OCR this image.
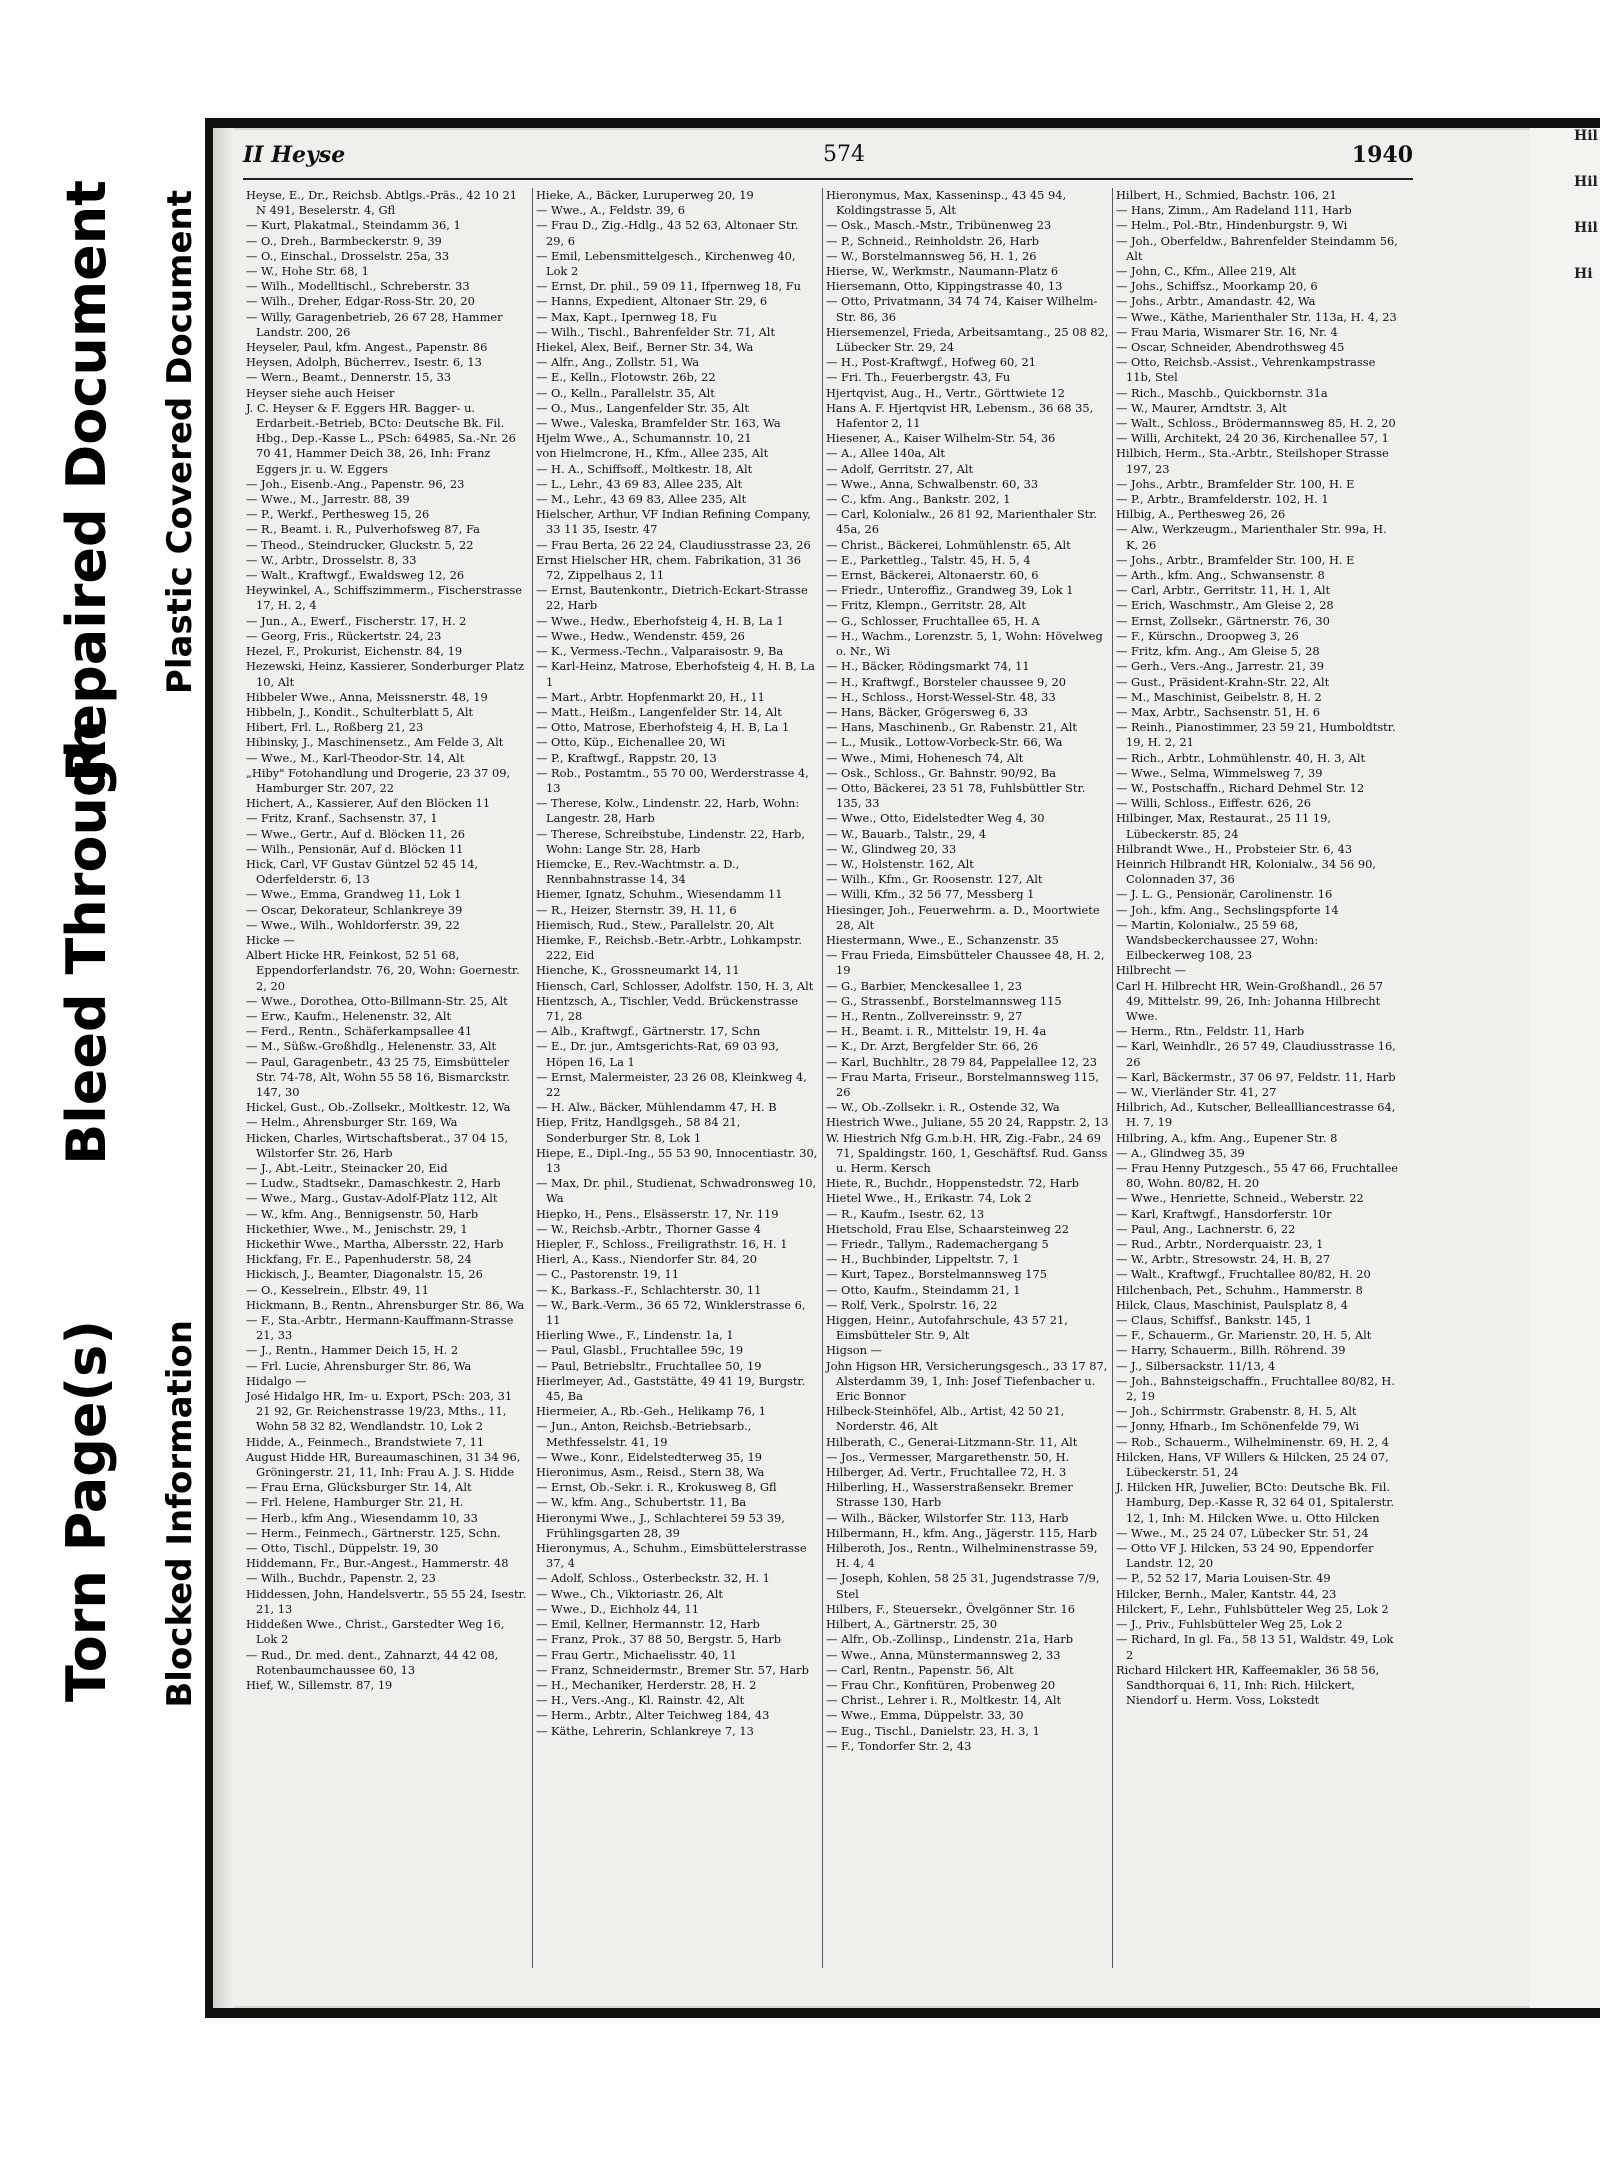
Torn Page(s) Blocked Information
Plastic Covered Document
Bleed Through
Repaired Document
II Heyse	574	1940

Heyse, E., Dr., Reichsb. Abtlgs.-Präs., 42 10 21 N 491, Beselerstr. 4, Gfl

— Kurt, Plakatmal., Steindamm 36, 1

— O., Dreh., Barmbeckerstr. 9, 39

— O., Einschal., Drosselstr. 25a, 33

— W., Hohe Str. 68, 1

— Wilh., Modelltischl., Schreberstr. 33

— Wilh., Dreher, Edgar-Ross-Str. 20, 20

— Willy, Garagenbetrieb, 26 67 28, Hammer Landstr. 200, 26

Heyseler, Paul, kfm. Angest., Papenstr. 86

Heysen, Adolph, Bücherrev., Isestr. 6, 13

— Wern., Beamt., Dennerstr. 15, 33

Heyser siehe auch Heiser

J. C. Heyser & F. Eggers HR. Bagger- u. Erdarbeit.-Betrieb, BCto: Deutsche Bk. Fil. Hbg., Dep.-Kasse L., PSch: 64985, Sa.-Nr. 26 70 41, Hammer Deich 38, 26, Inh: Franz Eggers jr. u. W. Eggers

— Joh., Eisenb.-Ang., Papenstr. 96, 23

— Wwe., M., Jarrestr. 88, 39

— P., Werkf., Perthesweg 15, 26

— R., Beamt. i. R., Pulverhofsweg 87, Fa

— Theod., Steindrucker, Gluckstr. 5, 22

— W., Arbtr., Drosselstr. 8, 33

— Walt., Kraftwgf., Ewaldsweg 12, 26

Heywinkel, A., Schiffszimmerm., Fischerstrasse 17, H. 2, 4

— Jun., A., Ewerf., Fischerstr. 17, H. 2

— Georg, Fris., Rückertstr. 24, 23

Hezel, F., Prokurist, Eichenstr. 84, 19

Hezewski, Heinz, Kassierer, Sonderburger Platz 10, Alt

Hibbeler Wwe., Anna, Meissnerstr. 48, 19

Hibbeln, J., Kondit., Schulterblatt 5, Alt

Hibert, Frl. L., Roßberg 21, 23

Hibinsky, J., Maschinensetz., Am Felde 3, Alt

— Wwe., M., Karl-Theodor-Str. 14, Alt

„Hiby" Fotohandlung und Drogerie, 23 37 09, Hamburger Str. 207, 22

Hichert, A., Kassierer, Auf den Blöcken 11

— Fritz, Kranf., Sachsenstr. 37, 1

— Wwe., Gertr., Auf d. Blöcken 11, 26

— Wilh., Pensionär, Auf d. Blöcken 11

Hick, Carl, VF Gustav Güntzel 52 45 14, Oderfelderstr. 6, 13

— Wwe., Emma, Grandweg 11, Lok 1

— Oscar, Dekorateur, Schlankreye 39

— Wwe., Wilh., Wohldorferstr. 39, 22

Hicke —

Albert Hicke HR, Feinkost, 52 51 68, Eppendorferlandstr. 76, 20, Wohn: Goernestr. 2, 20

— Wwe., Dorothea, Otto-Billmann-Str. 25, Alt

— Erw., Kaufm., Helenenstr. 32, Alt

— Ferd., Rentn., Schäferkampsallee 41

— M., Süßw.-Großhdlg., Helenenstr. 33, Alt

— Paul, Garagenbetr., 43 25 75, Eimsbütteler Str. 74-78, Alt, Wohn 55 58 16, Bismarckstr. 147, 30

Hickel, Gust., Ob.-Zollsekr., Moltkestr. 12, Wa

— Helm., Ahrensburger Str. 169, Wa

Hicken, Charles, Wirtschaftsberat., 37 04 15, Wilstorfer Str. 26, Harb

— J., Abt.-Leitr., Steinacker 20, Eid

— Ludw., Stadtsekr., Damaschkestr. 2, Harb

— Wwe., Marg., Gustav-Adolf-Platz 112, Alt

— W., kfm. Ang., Bennigsenstr. 50, Harb

Hickethier, Wwe., M., Jenischstr. 29, 1

Hickethir Wwe., Martha, Albersstr. 22, Harb

Hickfang, Fr. E., Papenhuderstr. 58, 24

Hickisch, J., Beamter, Diagonalstr. 15, 26

— O., Kesselrein., Elbstr. 49, 11

Hickmann, B., Rentn., Ahrensburger Str. 86, Wa

— F., Sta.-Arbtr., Hermann-Kauffmann-Strasse 21, 33

— J., Rentn., Hammer Deich 15, H. 2

— Frl. Lucie, Ahrensburger Str. 86, Wa

Hidalgo —

José Hidalgo HR, Im- u. Export, PSch: 203, 31 21 92, Gr. Reichenstrasse 19/23, Mths., 11, Wohn 58 32 82, Wendlandstr. 10, Lok 2

Hidde, A., Feinmech., Brandstwiete 7, 11

August Hidde HR, Bureaumaschinen, 31 34 96, Gröningerstr. 21, 11, Inh: Frau A. J. S. Hidde

— Frau Erna, Glücksburger Str. 14, Alt

— Frl. Helene, Hamburger Str. 21, H.

— Herb., kfm Ang., Wiesendamm 10, 33

— Herm., Feinmech., Gärtnerstr. 125, Schn.

— Otto, Tischl., Düppelstr. 19, 30

Hiddemann, Fr., Bur.-Angest., Hammerstr. 48

— Wilh., Buchdr., Papenstr. 2, 23

Hiddessen, John, Handelsvertr., 55 55 24, Isestr. 21, 13

Hiddeßen Wwe., Christ., Garstedter Weg 16, Lok 2

— Rud., Dr. med. dent., Zahnarzt, 44 42 08, Rotenbaumchaussee 60, 13

Hief, W., Sillemstr. 87, 19

Hieke, A., Bäcker, Luruperweg 20, 19

— Wwe., A., Feldstr. 39, 6

— Frau D., Zig.-Hdlg., 43 52 63, Altonaer Str. 29, 6

— Emil, Lebensmittelgesch., Kirchenweg 40, Lok 2

— Ernst, Dr. phil., 59 09 11, Ifpernweg 18, Fu

— Hanns, Expedient, Altonaer Str. 29, 6

— Max, Kapt., Ipernweg 18, Fu

— Wilh., Tischl., Bahrenfelder Str. 71, Alt

Hiekel, Alex, Beif., Berner Str. 34, Wa

— Alfr., Ang., Zollstr. 51, Wa

— E., Kelln., Flotowstr. 26b, 22

— O., Kelln., Parallelstr. 35, Alt

— O., Mus., Langenfelder Str. 35, Alt

— Wwe., Valeska, Bramfelder Str. 163, Wa

Hjelm Wwe., A., Schumannstr. 10, 21

von Hielmcrone, H., Kfm., Allee 235, Alt

— H. A., Schiffsoff., Moltkestr. 18, Alt

— L., Lehr., 43 69 83, Allee 235, Alt

— M., Lehr., 43 69 83, Allee 235, Alt

Hielscher, Arthur, VF Indian Refining Company, 33 11 35, Isestr. 47

— Frau Berta, 26 22 24, Claudiusstrasse 23, 26

Ernst Hielscher HR, chem. Fabrikation, 31 36 72, Zippelhaus 2, 11

— Ernst, Bautenkontr., Dietrich-Eckart-Strasse 22, Harb

— Wwe., Hedw., Eberhofsteig 4, H. B, La 1

— Wwe., Hedw., Wendenstr. 459, 26

— K., Vermess.-Techn., Valparaisostr. 9, Ba

— Karl-Heinz, Matrose, Eberhofsteig 4, H. B, La 1

— Mart., Arbtr. Hopfenmarkt 20, H., 11

— Matt., Heißm., Langenfelder Str. 14, Alt

— Otto, Matrose, Eberhofsteig 4, H. B, La 1

— Otto, Küp., Eichenallee 20, Wi

— P., Kraftwgf., Rappstr. 20, 13

— Rob., Postamtm., 55 70 00, Werderstrasse 4, 13

— Therese, Kolw., Lindenstr. 22, Harb, Wohn: Langestr. 28, Harb

— Therese, Schreibstube, Lindenstr. 22, Harb, Wohn: Lange Str. 28, Harb

Hiemcke, E., Rev.-Wachtmstr. a. D., Rennbahnstrasse 14, 34

Hiemer, Ignatz, Schuhm., Wiesendamm 11

— R., Heizer, Sternstr. 39, H. 11, 6

Hiemisch, Rud., Stew., Parallelstr. 20, Alt

Hiemke, F., Reichsb.-Betr.-Arbtr., Lohkampstr. 222, Eid

Hienche, K., Grossneumarkt 14, 11

Hiensch, Carl, Schlosser, Adolfstr. 150, H. 3, Alt

Hientzsch, A., Tischler, Vedd. Brückenstrasse 71, 28

— Alb., Kraftwgf., Gärtnerstr. 17, Schn

— E., Dr. jur., Amtsgerichts-Rat, 69 03 93, Höpen 16, La 1

— Ernst, Malermeister, 23 26 08, Kleinkweg 4, 22

— H. Alw., Bäcker, Mühlendamm 47, H. B

Hiep, Fritz, Handlgsgeh., 58 84 21, Sonderburger Str. 8, Lok 1

Hiepe, E., Dipl.-Ing., 55 53 90, Innocentiastr. 30, 13

— Max, Dr. phil., Studienat, Schwadronsweg 10, Wa

Hiepko, H., Pens., Elsässerstr. 17, Nr. 119

— W., Reichsb.-Arbtr., Thorner Gasse 4

Hiepler, F., Schloss., Freiligrathstr. 16, H. 1

Hierl, A., Kass., Niendorfer Str. 84, 20

— C., Pastorenstr. 19, 11

— K., Barkass.-F., Schlachterstr. 30, 11

— W., Bark.-Verm., 36 65 72, Winklerstrasse 6, 11

Hierling Wwe., F., Lindenstr. 1a, 1

— Paul, Glasbl., Fruchtallee 59c, 19

— Paul, Betriebsltr., Fruchtallee 50, 19

Hierlmeyer, Ad., Gaststätte, 49 41 19, Burgstr. 45, Ba

Hiermeier, A., Rb.-Geh., Helikamp 76, 1

— Jun., Anton, Reichsb.-Betriebsarb., Methfesselstr. 41, 19

— Wwe., Konr., Eidelstedterweg 35, 19

Hieronimus, Asm., Reisd., Stern 38, Wa

— Ernst, Ob.-Sekr. i. R., Krokusweg 8, Gfl

— W., kfm. Ang., Schubertstr. 11, Ba

Hieronymi Wwe., J., Schlachterei 59 53 39, Frühlingsgarten 28, 39

Hieronymus, A., Schuhm., Eimsbüttelerstrasse 37, 4

— Adolf, Schloss., Osterbeckstr. 32, H. 1

— Wwe., Ch., Viktoriastr. 26, Alt

— Wwe., D., Eichholz 44, 11

— Emil, Kellner, Hermannstr. 12, Harb

— Franz, Prok., 37 88 50, Bergstr. 5, Harb

— Frau Gertr., Michaelisstr. 40, 11

— Franz, Schneidermstr., Bremer Str. 57, Harb

— H., Mechaniker, Herderstr. 28, H. 2

— H., Vers.-Ang., Kl. Rainstr. 42, Alt

— Herm., Arbtr., Alter Teichweg 184, 43

— Käthe, Lehrerin, Schlankreye 7, 13

Hieronymus, Max, Kasseninsp., 43 45 94, Koldingstrasse 5, Alt

— Osk., Masch.-Mstr., Tribünenweg 23

— P., Schneid., Reinholdstr. 26, Harb

— W., Borstelmannsweg 56, H. 1, 26

Hierse, W., Werkmstr., Naumann-Platz 6

Hiersemann, Otto, Kippingstrasse 40, 13

— Otto, Privatmann, 34 74 74, Kaiser Wilhelm-Str. 86, 36

Hiersemenzel, Frieda, Arbeitsamtang., 25 08 82, Lübecker Str. 29, 24

— H., Post-Kraftwgf., Hofweg 60, 21

— Fri. Th., Feuerbergstr. 43, Fu

Hjertqvist, Aug., H., Vertr., Görttwiete 12

Hans A. F. Hjertqvist HR, Lebensm., 36 68 35, Hafentor 2, 11

Hiesener, A., Kaiser Wilhelm-Str. 54, 36

— A., Allee 140a, Alt

— Adolf, Gerritstr. 27, Alt

— Wwe., Anna, Schwalbenstr. 60, 33

— C., kfm. Ang., Bankstr. 202, 1

— Carl, Kolonialw., 26 81 92, Marienthaler Str. 45a, 26

— Christ., Bäckerei, Lohmühlenstr. 65, Alt

— E., Parkettleg., Talstr. 45, H. 5, 4

— Ernst, Bäckerei, Altonaerstr. 60, 6

— Friedr., Unteroffiz., Grandweg 39, Lok 1

— Fritz, Klempn., Gerritstr. 28, Alt

— G., Schlosser, Fruchtallee 65, H. A

— H., Wachm., Lorenzstr. 5, 1, Wohn: Hövelweg o. Nr., Wi

— H., Bäcker, Rödingsmarkt 74, 11

— H., Kraftwgf., Borsteler chaussee 9, 20

— H., Schloss., Horst-Wessel-Str. 48, 33

— Hans, Bäcker, Grögersweg 6, 33

— Hans, Maschinenb., Gr. Rabenstr. 21, Alt

— L., Musik., Lottow-Vorbeck-Str. 66, Wa

— Wwe., Mimi, Hohenesch 74, Alt

— Osk., Schloss., Gr. Bahnstr. 90/92, Ba

— Otto, Bäckerei, 23 51 78, Fuhlsbüttler Str. 135, 33

— Wwe., Otto, Eidelstedter Weg 4, 30

— W., Bauarb., Talstr., 29, 4

— W., Glindweg 20, 33

— W., Holstenstr. 162, Alt

— Wilh., Kfm., Gr. Roosenstr. 127, Alt

— Willi, Kfm., 32 56 77, Messberg 1

Hiesinger, Joh., Feuerwehrm. a. D., Moortwiete 28, Alt

Hiestermann, Wwe., E., Schanzenstr. 35

— Frau Frieda, Eimsbütteler Chaussee 48, H. 2, 19

— G., Barbier, Menckesallee 1, 23

— G., Strassenbf., Borstelmannsweg 115

— H., Rentn., Zollvereinsstr. 9, 27

— H., Beamt. i. R., Mittelstr. 19, H. 4a

— K., Dr. Arzt, Bergfelder Str. 66, 26

— Karl, Buchhltr., 28 79 84, Pappelallee 12, 23

— Frau Marta, Friseur., Borstelmannsweg 115, 26

— W., Ob.-Zollsekr. i. R., Ostende 32, Wa

Hiestrich Wwe., Juliane, 55 20 24, Rappstr. 2, 13

W. Hiestrich Nfg G.m.b.H. HR, Zig.-Fabr., 24 69 71, Spaldingstr. 160, 1, Geschäftsf. Rud. Ganss u. Herm. Kersch

Hiete, R., Buchdr., Hoppenstedstr. 72, Harb

Hietel Wwe., H., Erikastr. 74, Lok 2

— R., Kaufm., Isestr. 62, 13

Hietschold, Frau Else, Schaarsteinweg 22

— Friedr., Tallym., Rademachergang 5

— H., Buchbinder, Lippeltstr. 7, 1

— Kurt, Tapez., Borstelmannsweg 175

— Otto, Kaufm., Steindamm 21, 1

— Rolf, Verk., Spolrstr. 16, 22

Higgen, Heinr., Autofahrschule, 43 57 21, Eimsbütteler Str. 9, Alt

Higson —

John Higson HR, Versicherungsgesch., 33 17 87, Alsterdamm 39, 1, Inh: Josef Tiefenbacher u. Eric Bonnor

Hilbeck-Steinhöfel, Alb., Artist, 42 50 21, Norderstr. 46, Alt

Hilberath, C., Generai-Litzmann-Str. 11, Alt

— Jos., Vermesser, Margarethenstr. 50, H.

Hilberger, Ad. Vertr., Fruchtallee 72, H. 3

Hilberling, H., Wasserstraßensekr. Bremer Strasse 130, Harb

— Wilh., Bäcker, Wilstorfer Str. 113, Harb

Hilbermann, H., kfm. Ang., Jägerstr. 115, Harb

Hilberoth, Jos., Rentn., Wilhelminenstrasse 59, H. 4, 4

— Joseph, Kohlen, 58 25 31, Jugendstrasse 7/9, Stel

Hilbers, F., Steuersekr., Övelgönner Str. 16

Hilbert, A., Gärtnerstr. 25, 30

— Alfr., Ob.-Zollinsp., Lindenstr. 21a, Harb

— Wwe., Anna, Münstermannsweg 2, 33

— Carl, Rentn., Papenstr. 56, Alt

— Frau Chr., Konfitüren, Probenweg 20

— Christ., Lehrer i. R., Moltkestr. 14, Alt

— Wwe., Emma, Düppelstr. 33, 30

— Eug., Tischl., Danielstr. 23, H. 3, 1

— F., Tondorfer Str. 2, 43

Hilbert, H., Schmied, Bachstr. 106, 21

— Hans, Zimm., Am Radeland 111, Harb

— Helm., Pol.-Btr., Hindenburgstr. 9, Wi

— Joh., Oberfeldw., Bahrenfelder Steindamm 56, Alt

— John, C., Kfm., Allee 219, Alt

— Johs., Schiffsz., Moorkamp 20, 6

— Johs., Arbtr., Amandastr. 42, Wa

— Wwe., Käthe, Marienthaler Str. 113a, H. 4, 23

— Frau Maria, Wismarer Str. 16, Nr. 4

— Oscar, Schneider, Abendrothsweg 45

— Otto, Reichsb.-Assist., Vehrenkampstrasse 11b, Stel

— Rich., Maschb., Quickbornstr. 31a

— W., Maurer, Arndtstr. 3, Alt

— Walt., Schloss., Brödermannsweg 85, H. 2, 20

— Willi, Architekt, 24 20 36, Kirchenallee 57, 1

Hilbich, Herm., Sta.-Arbtr., Steilshoper Strasse 197, 23

— Johs., Arbtr., Bramfelder Str. 100, H. E

— P., Arbtr., Bramfelderstr. 102, H. 1

Hilbig, A., Perthesweg 26, 26

— Alw., Werkzeugm., Marienthaler Str. 99a, H. K, 26

— Johs., Arbtr., Bramfelder Str. 100, H. E

— Arth., kfm. Ang., Schwansenstr. 8

— Carl, Arbtr., Gerritstr. 11, H. 1, Alt

— Erich, Waschmstr., Am Gleise 2, 28

— Ernst, Zollsekr., Gärtnerstr. 76, 30

— F., Kürschn., Droopweg 3, 26

— Fritz, kfm. Ang., Am Gleise 5, 28

— Gerh., Vers.-Ang., Jarrestr. 21, 39

— Gust., Präsident-Krahn-Str. 22, Alt

— M., Maschinist, Geibelstr. 8, H. 2

— Max, Arbtr., Sachsenstr. 51, H. 6

— Reinh., Pianostimmer, 23 59 21, Humboldtstr. 19, H. 2, 21

— Rich., Arbtr., Lohmühlenstr. 40, H. 3, Alt

— Wwe., Selma, Wimmelsweg 7, 39

— W., Postschaffn., Richard Dehmel Str. 12

— Willi, Schloss., Eiffestr. 626, 26

Hilbinger, Max, Restaurat., 25 11 19, Lübeckerstr. 85, 24

Hilbrandt Wwe., H., Probsteier Str. 6, 43

Heinrich Hilbrandt HR, Kolonialw., 34 56 90, Colonnaden 37, 36

— J. L. G., Pensionär, Carolinenstr. 16

— Joh., kfm. Ang., Sechslingspforte 14

— Martin, Kolonialw., 25 59 68, Wandsbeckerchaussee 27, Wohn: Eilbeckerweg 108, 23

Hilbrecht —

Carl H. Hilbrecht HR, Wein-Großhandl., 26 57 49, Mittelstr. 99, 26, Inh: Johanna Hilbrecht Wwe.

— Herm., Rtn., Feldstr. 11, Harb

— Karl, Weinhdlr., 26 57 49, Claudiusstrasse 16, 26

— Karl, Bäckermstr., 37 06 97, Feldstr. 11, Harb

— W., Vierländer Str. 41, 27

Hilbrich, Ad., Kutscher, Belleallliancestrasse 64, H. 7, 19

Hilbring, A., kfm. Ang., Eupener Str. 8

— A., Glindweg 35, 39

— Frau Henny Putzgesch., 55 47 66, Fruchtallee 80, Wohn. 80/82, H. 20

— Wwe., Henriette, Schneid., Weberstr. 22

— Karl, Kraftwgf., Hansdorferstr. 10r

— Paul, Ang., Lachnerstr. 6, 22

— Rud., Arbtr., Norderquaistr. 23, 1

— W., Arbtr., Stresowstr. 24, H. B, 27

— Walt., Kraftwgf., Fruchtallee 80/82, H. 20

Hilchenbach, Pet., Schuhm., Hammerstr. 8

Hilck, Claus, Maschinist, Paulsplatz 8, 4

— Claus, Schiffsf., Bankstr. 145, 1

— F., Schauerm., Gr. Marienstr. 20, H. 5, Alt

— Harry, Schauerm., Billh. Röhrend. 39

— J., Silbersackstr. 11/13, 4

— Joh., Bahnsteigschaffn., Fruchtallee 80/82, H. 2, 19

— Joh., Schirrmstr. Grabenstr. 8, H. 5, Alt

— Jonny, Hfnarb., Im Schönenfelde 79, Wi

— Rob., Schauerm., Wilhelminenstr. 69, H. 2, 4

Hilcken, Hans, VF Willers & Hilcken, 25 24 07, Lübeckerstr. 51, 24

J. Hilcken HR, Juwelier, BCto: Deutsche Bk. Fil. Hamburg, Dep.-Kasse R, 32 64 01, Spitalerstr. 12, 1, Inh: M. Hilcken Wwe. u. Otto Hilcken

— Wwe., M., 25 24 07, Lübecker Str. 51, 24

— Otto VF J. Hilcken, 53 24 90, Eppendorfer Landstr. 12, 20

— P., 52 52 17, Maria Louisen-Str. 49

Hilcker, Bernh., Maler, Kantstr. 44, 23

Hilckert, F., Lehr., Fuhlsbütteler Weg 25, Lok 2

— J., Priv., Fuhlsbütteler Weg 25, Lok 2

— Richard, In gl. Fa., 58 13 51, Waldstr. 49, Lok 2

Richard Hilckert HR, Kaffeemakler, 36 58 56, Sandthorquai 6, 11, Inh: Rich. Hilckert, Niendorf u. Herm. Voss, Lokstedt

Hil
Hil
Hil
Hi
